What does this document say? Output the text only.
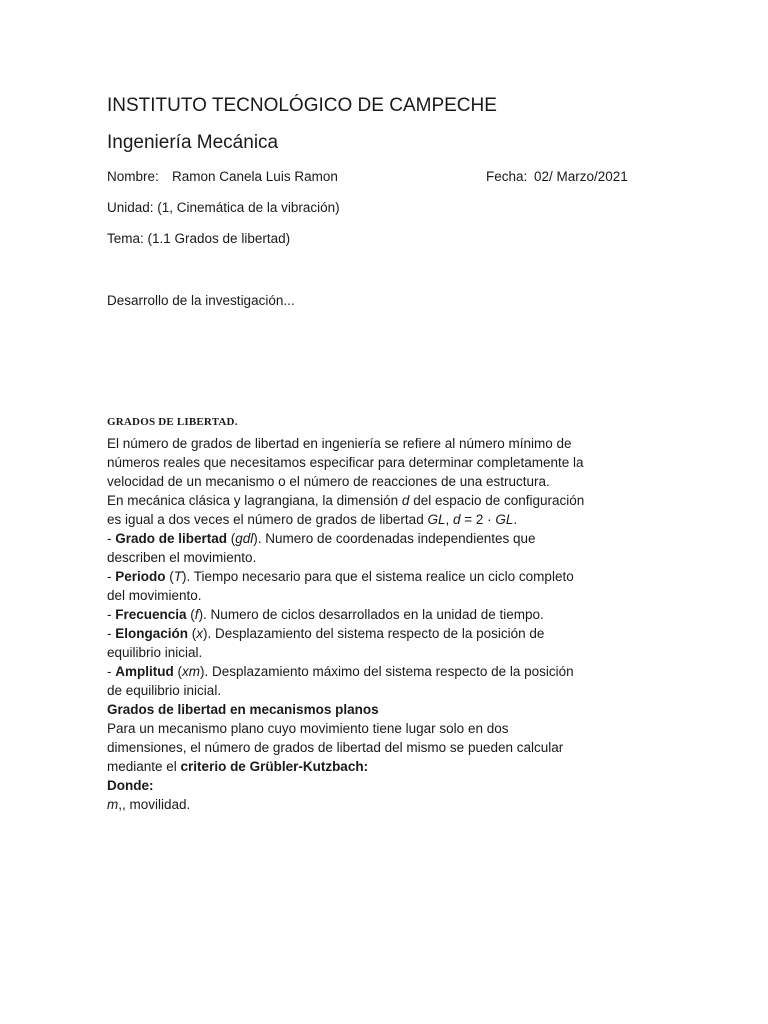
INSTITUTO TECNOLÓGICO DE CAMPECHE
Ingeniería Mecánica
Nombre: Ramon Canela Luis Ramon	Fecha: 02/ Marzo/2021
Unidad: (1, Cinemática de la vibración)
Tema: (1.1 Grados de libertad)
Desarrollo de la investigación...
GRADOS DE LIBERTAD.
El número de grados de libertad en ingeniería se refiere al número mínimo de
números reales que necesitamos especificar para determinar completamente la
velocidad de un mecanismo o el número de reacciones de una estructura.
En mecánica clásica y lagrangiana, la dimensión d del espacio de configuración
es igual a dos veces el número de grados de libertad GL, d = 2 · GL.
- Grado de libertad (gdl). Numero de coordenadas independientes que
describen el movimiento.
- Periodo (T). Tiempo necesario para que el sistema realice un ciclo completo
del movimiento.
- Frecuencia (f). Numero de ciclos desarrollados en la unidad de tiempo.
- Elongación (x). Desplazamiento del sistema respecto de la posición de
equilibrio inicial.
- Amplitud (xm). Desplazamiento máximo del sistema respecto de la posición
de equilibrio inicial.
Grados de libertad en mecanismos planos
Para un mecanismo plano cuyo movimiento tiene lugar solo en dos
dimensiones, el número de grados de libertad del mismo se pueden calcular
mediante el criterio de Grübler-Kutzbach:
Donde:
m,, movilidad.
